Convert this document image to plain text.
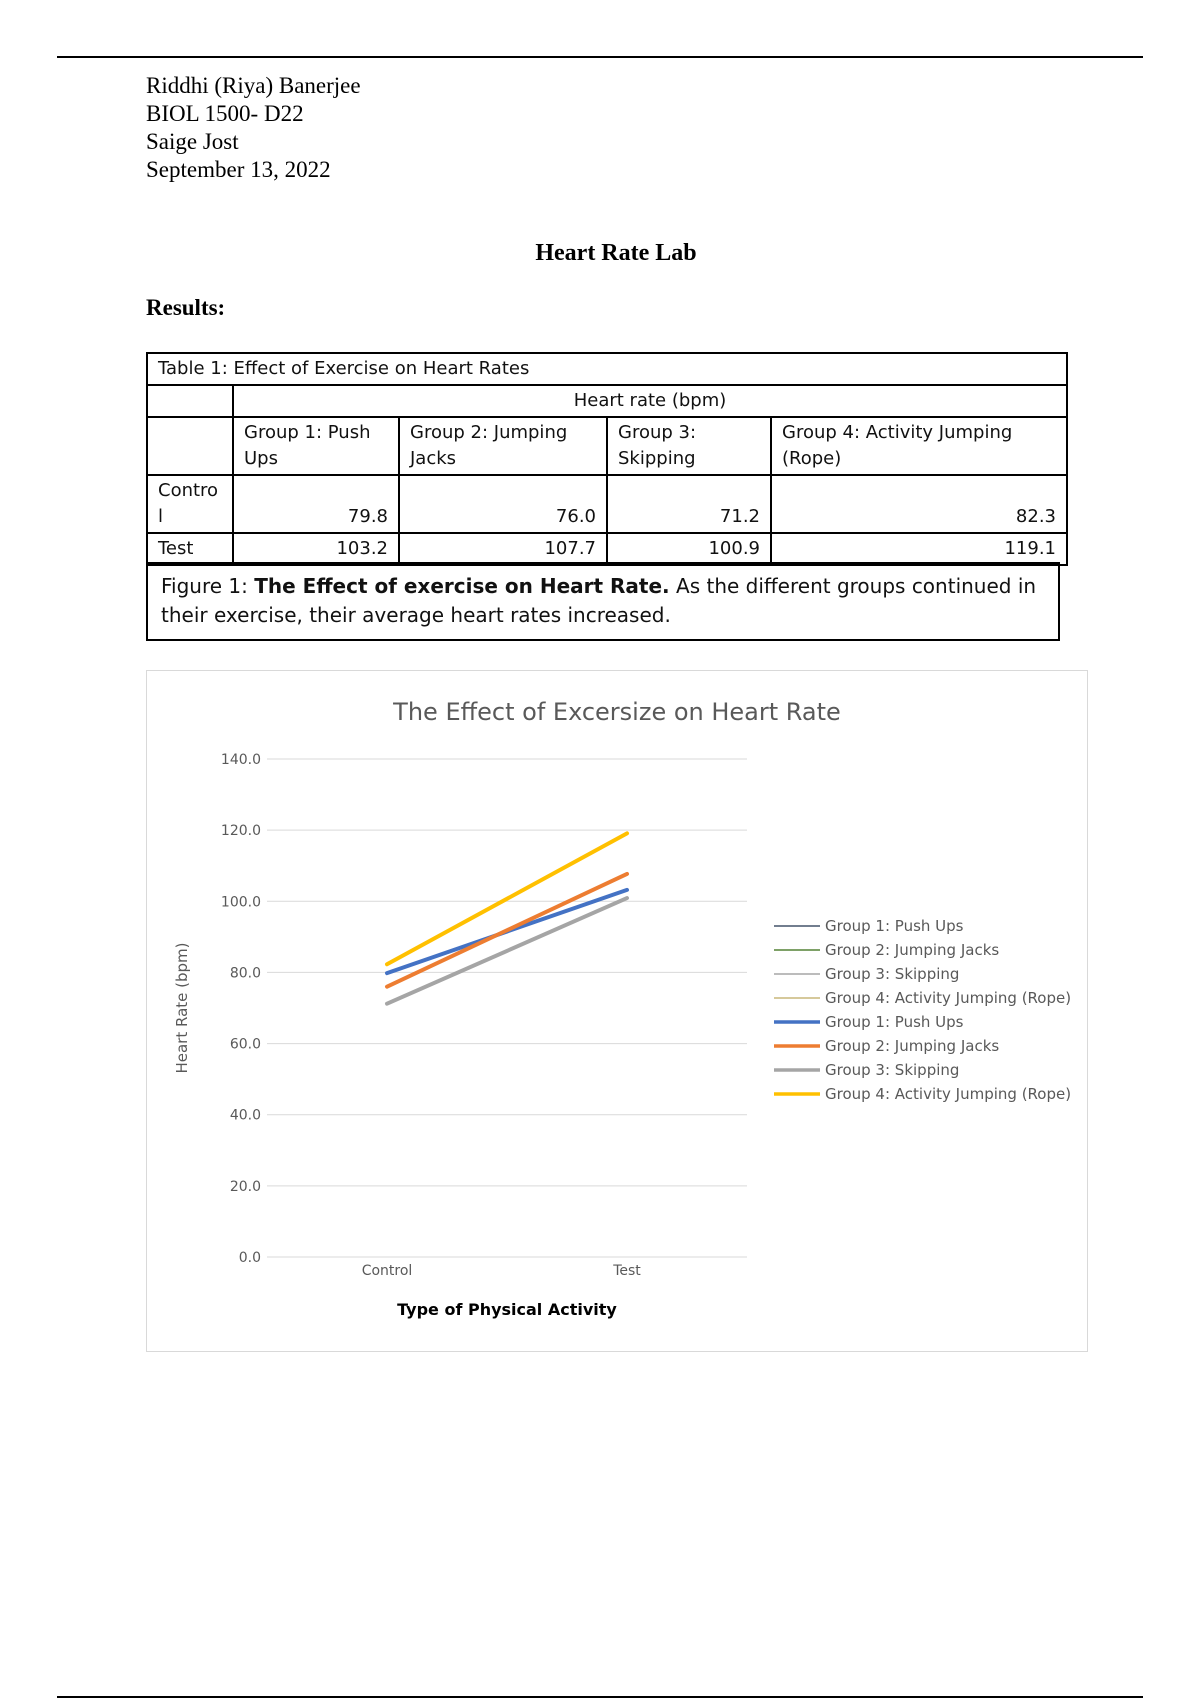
Riddhi (Riya) Banerjee
BIOL 1500- D22
Saige Jost
September 13, 2022
Heart Rate Lab
Results:
Table 1: Effect of Exercise on Heart Rates				
	Heart rate (bpm)			
	Group 1: Push Ups	Group 2: Jumping Jacks	Group 3: Skipping	Group 4: Activity Jumping (Rope)
Control	79.8	76.0	71.2	82.3
Test	103.2	107.7	100.9	119.1
Figure 1: The Effect of exercise on Heart Rate. As the different groups continued in their exercise, their average heart rates increased.
The Effect of Excersize on Heart Rate
0.0
20.0
40.0
60.0
80.0
100.0
120.0
140.0
Control	Test
Heart Rate (bpm)
Type of Physical Activity
Group 1: Push Ups
Group 2: Jumping Jacks
Group 3: Skipping
Group 4: Activity Jumping (Rope)
Group 1: Push Ups
Group 2: Jumping Jacks
Group 3: Skipping
Group 4: Activity Jumping (Rope)
